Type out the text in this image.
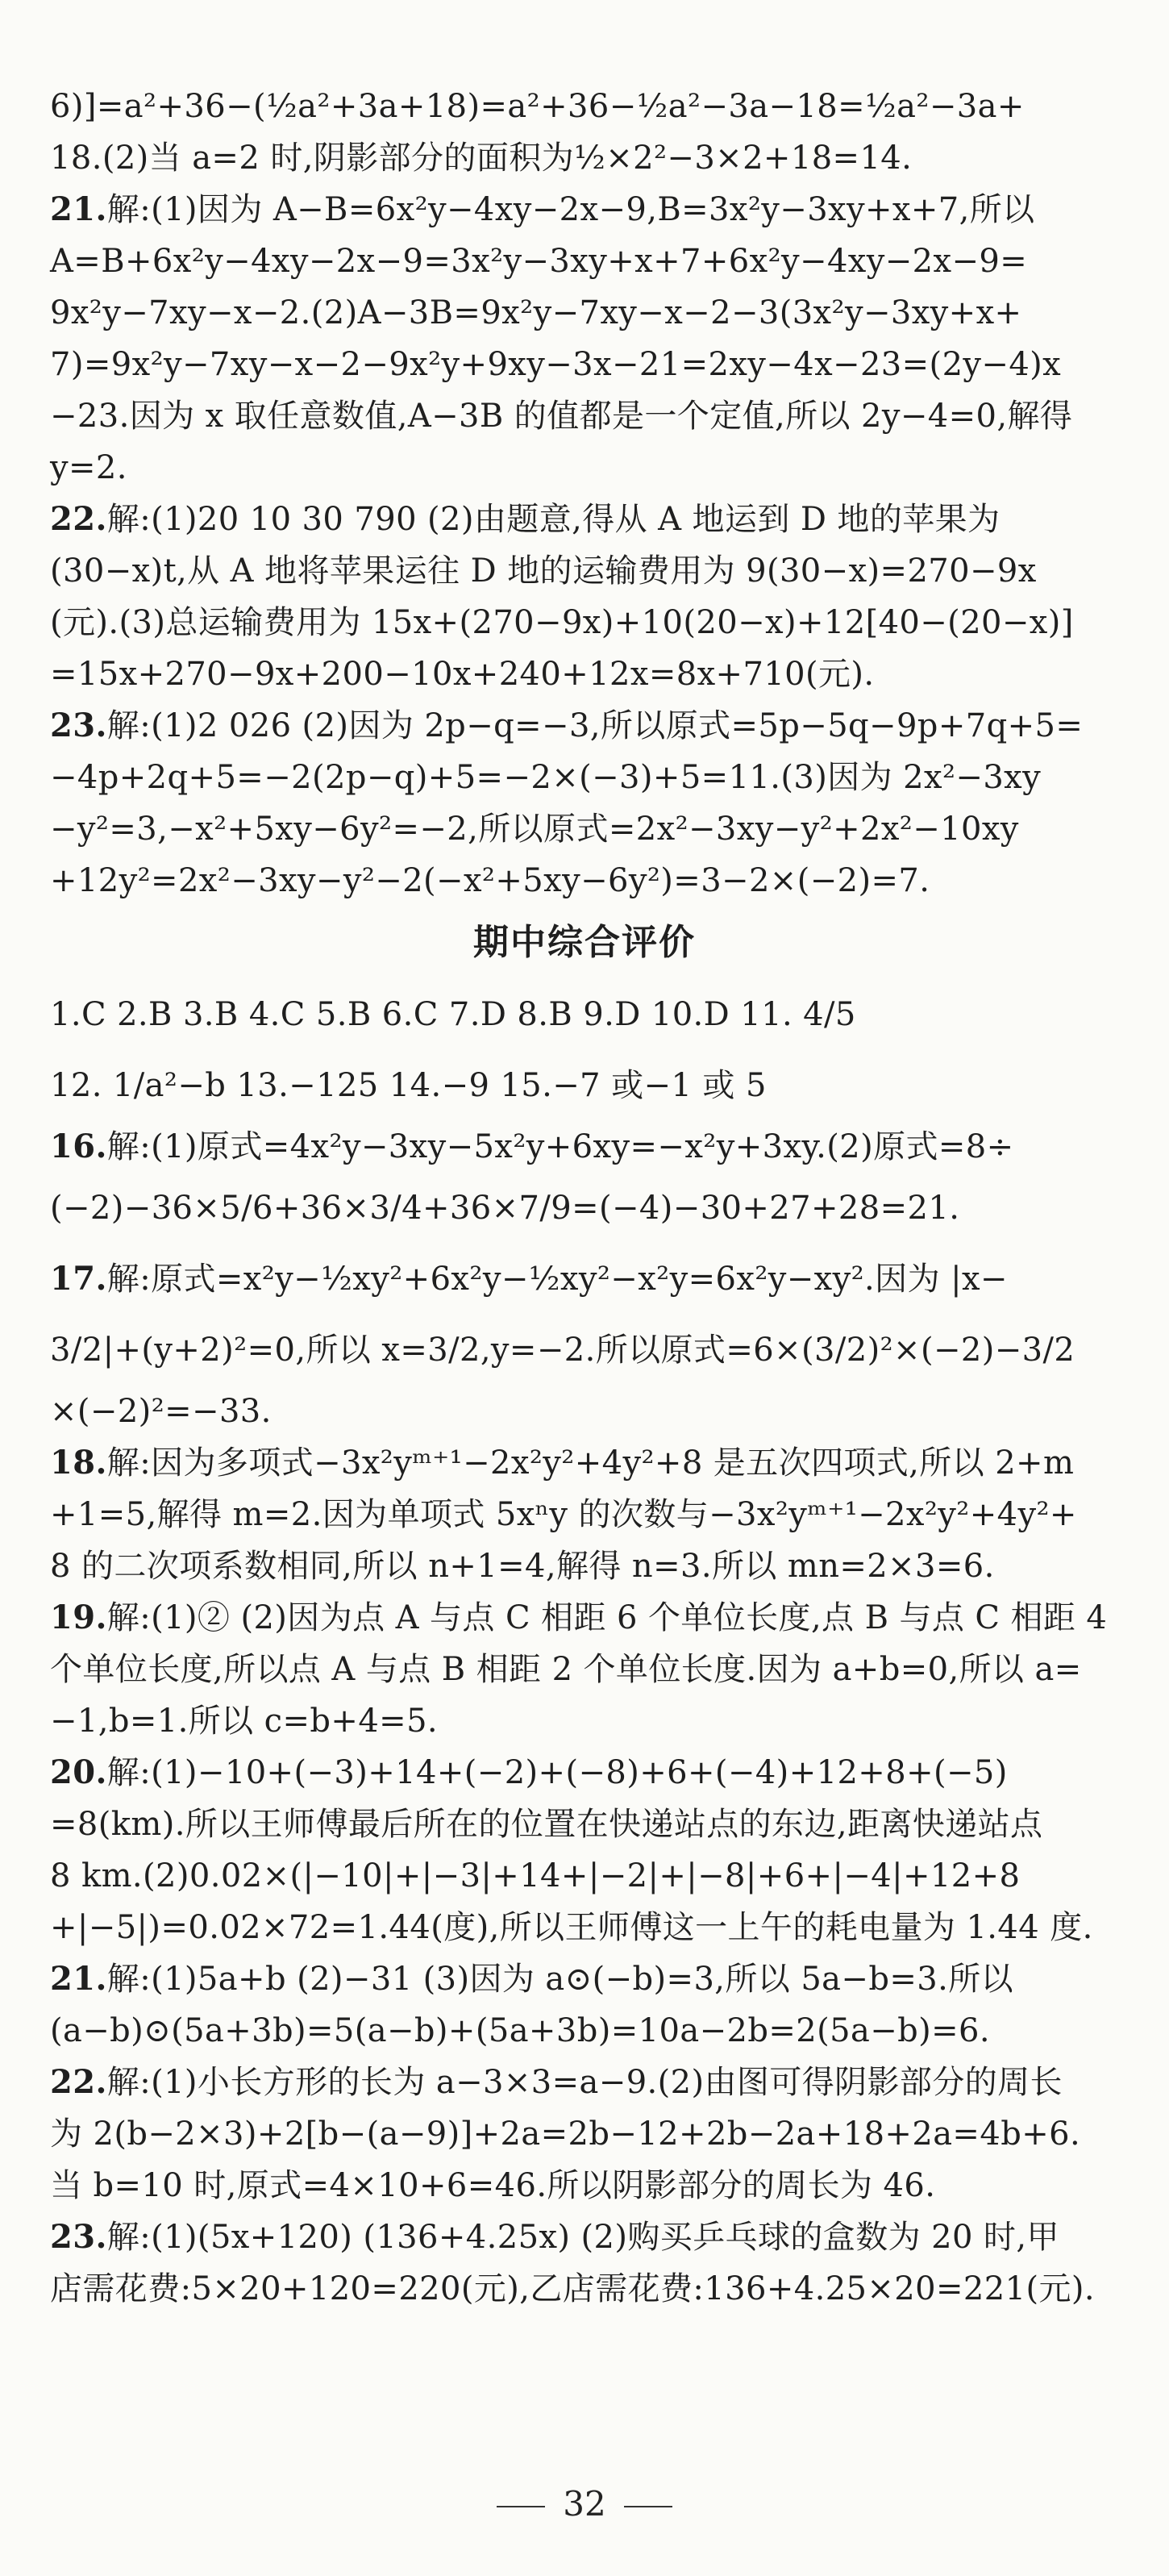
6)]=a²+36−(½a²+3a+18)=a²+36−½a²−3a−18=½a²−3a+
18.(2)当 a=2 时,阴影部分的面积为½×2²−3×2+18=14.
21.解:(1)因为 A−B=6x²y−4xy−2x−9,B=3x²y−3xy+x+7,所以
A=B+6x²y−4xy−2x−9=3x²y−3xy+x+7+6x²y−4xy−2x−9=
9x²y−7xy−x−2.(2)A−3B=9x²y−7xy−x−2−3(3x²y−3xy+x+
7)=9x²y−7xy−x−2−9x²y+9xy−3x−21=2xy−4x−23=(2y−4)x
−23.因为 x 取任意数值,A−3B 的值都是一个定值,所以 2y−4=0,解得
y=2.
22.解:(1)20 10 30 790 (2)由题意,得从 A 地运到 D 地的苹果为
(30−x)t,从 A 地将苹果运往 D 地的运输费用为 9(30−x)=270−9x
(元).(3)总运输费用为 15x+(270−9x)+10(20−x)+12[40−(20−x)]
=15x+270−9x+200−10x+240+12x=8x+710(元).
23.解:(1)2 026 (2)因为 2p−q=−3,所以原式=5p−5q−9p+7q+5=
−4p+2q+5=−2(2p−q)+5=−2×(−3)+5=11.(3)因为 2x²−3xy
−y²=3,−x²+5xy−6y²=−2,所以原式=2x²−3xy−y²+2x²−10xy
+12y²=2x²−3xy−y²−2(−x²+5xy−6y²)=3−2×(−2)=7.
期中综合评价
1.C 2.B 3.B 4.C 5.B 6.C 7.D 8.B 9.D 10.D 11. 4/5
12. 1/a²−b 13.−125 14.−9 15.−7 或−1 或 5
16.解:(1)原式=4x²y−3xy−5x²y+6xy=−x²y+3xy.(2)原式=8÷
(−2)−36×5/6+36×3/4+36×7/9=(−4)−30+27+28=21.
17.解:原式=x²y−½xy²+6x²y−½xy²−x²y=6x²y−xy².因为 |x−
3/2|+(y+2)²=0,所以 x=3/2,y=−2.所以原式=6×(3/2)²×(−2)−3/2
×(−2)²=−33.
18.解:因为多项式−3x²yᵐ⁺¹−2x²y²+4y²+8 是五次四项式,所以 2+m
+1=5,解得 m=2.因为单项式 5xⁿy 的次数与−3x²yᵐ⁺¹−2x²y²+4y²+
8 的二次项系数相同,所以 n+1=4,解得 n=3.所以 mn=2×3=6.
19.解:(1)② (2)因为点 A 与点 C 相距 6 个单位长度,点 B 与点 C 相距 4
个单位长度,所以点 A 与点 B 相距 2 个单位长度.因为 a+b=0,所以 a=
−1,b=1.所以 c=b+4=5.
20.解:(1)−10+(−3)+14+(−2)+(−8)+6+(−4)+12+8+(−5)
=8(km).所以王师傅最后所在的位置在快递站点的东边,距离快递站点
8 km.(2)0.02×(|−10|+|−3|+14+|−2|+|−8|+6+|−4|+12+8
+|−5|)=0.02×72=1.44(度),所以王师傅这一上午的耗电量为 1.44 度.
21.解:(1)5a+b (2)−31 (3)因为 a⊙(−b)=3,所以 5a−b=3.所以
(a−b)⊙(5a+3b)=5(a−b)+(5a+3b)=10a−2b=2(5a−b)=6.
22.解:(1)小长方形的长为 a−3×3=a−9.(2)由图可得阴影部分的周长
为 2(b−2×3)+2[b−(a−9)]+2a=2b−12+2b−2a+18+2a=4b+6.
当 b=10 时,原式=4×10+6=46.所以阴影部分的周长为 46.
23.解:(1)(5x+120) (136+4.25x) (2)购买乒乓球的盒数为 20 时,甲
店需花费:5×20+120=220(元),乙店需花费:136+4.25×20=221(元).
32
